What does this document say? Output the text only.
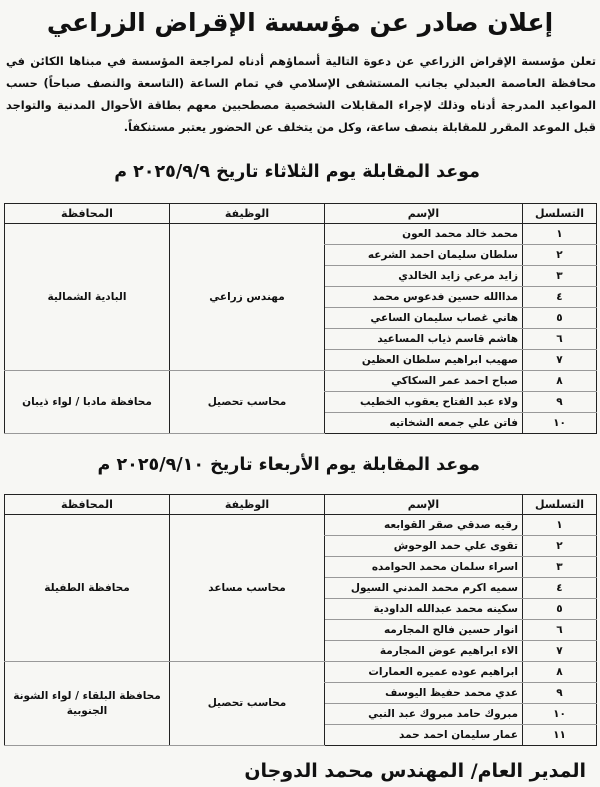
إعلان صادر عن مؤسسة الإقراض الزراعي

تعلن مؤسسة الإقراض الزراعي عن دعوة التالية أسماؤهم أدناه لمراجعة المؤسسة في مبناها الكائن في محافظة العاصمة العبدلي بجانب المستشفى الإسلامي في تمام الساعة (التاسعة والنصف صباحاً) حسب المواعيد المدرجة أدناه وذلك لإجراء المقابلات الشخصية مصطحبين معهم بطاقة الأحوال المدنية والتواجد قبل الموعد المقرر للمقابلة بنصف ساعة، وكل من يتخلف عن الحضور يعتبر مستنكفاً.

موعد المقابلة يوم الثلاثاء تاريخ ٢٠٢٥/٩/٩ م
التسلسل	الإسم	الوظيفة	المحافظة
١	محمد خالد محمد العون	مهندس زراعي	البادية الشمالية
٢	سلطان سليمان احمد الشرعه		
٣	زايد مرعي زايد الخالدي		
٤	مداالله حسين فدعوس محمد		
٥	هاني غصاب سليمان الساعي		
٦	هاشم قاسم ذياب المساعيد		
٧	صهيب ابراهيم سلطان العظين		
٨	صباح احمد عمر السكاكي	محاسب تحصيل	محافظة مادبا / لواء ذيبان
٩	ولاء عبد الفتاح يعقوب الخطيب		
١٠	فاتن علي جمعه الشخاتيه		
موعد المقابلة يوم الأربعاء تاريخ ٢٠٢٥/٩/١٠ م
التسلسل	الإسم	الوظيفة	المحافظة
١	رقيه صدقي صقر القوابعه	محاسب مساعد	محافظة الطفيلة
٢	تقوى علي حمد الوحوش		
٣	اسراء سلمان محمد الحوامده		
٤	سميه اكرم محمد المدني السيول		
٥	سكينه محمد عبدالله الداودية		
٦	انوار حسين فالح المجارمه		
٧	الاء ابراهيم عوض المجارمة		
٨	ابراهيم عوده عميره العمارات	محاسب تحصيل	محافظة البلقاء / لواء الشونة الجنوبية
٩	عدي محمد حفيظ اليوسف		
١٠	مبروك حامد مبروك عبد النبي		
١١	عمار سليمان احمد حمد		

المدير العام/ المهندس محمد الدوجان
